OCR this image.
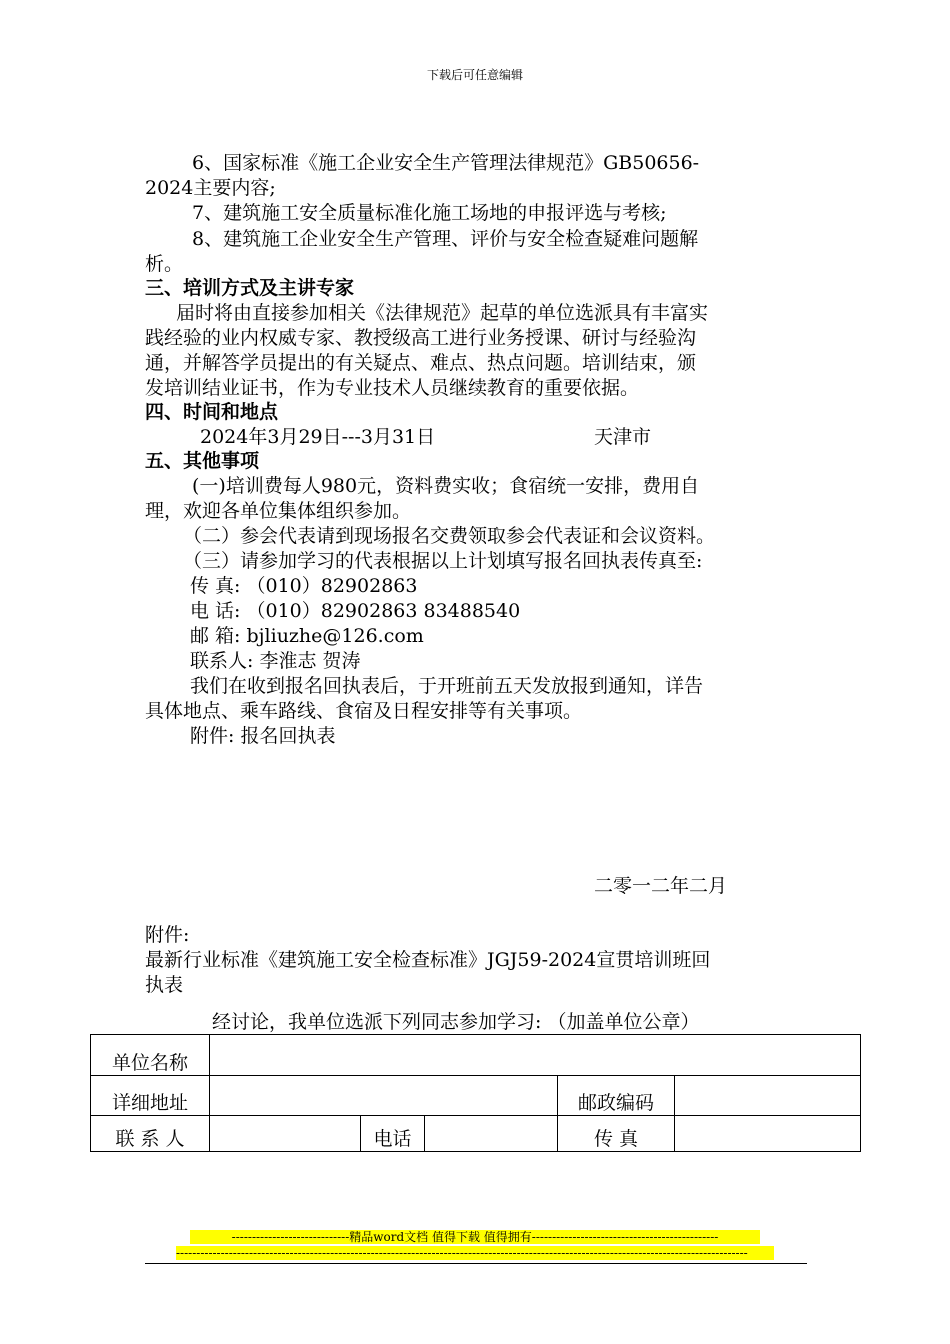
下载后可任意编辑
6、国家标准《施工企业安全生产管理法律规范》GB50656-
2024主要内容;
7、建筑施工安全质量标准化施工场地的申报评选与考核;
8、建筑施工企业安全生产管理、评价与安全检查疑难问题解
析。
三、培训方式及主讲专家
届时将由直接参加相关《法律规范》起草的单位选派具有丰富实
践经验的业内权威专家、教授级高工进行业务授课、研讨与经验沟
通，并解答学员提出的有关疑点、难点、热点问题。培训结束，颁
发培训结业证书，作为专业技术人员继续教育的重要依据。
四、时间和地点
2024年3月29日---3月31日	天津市
五、其他事项
(一)培训费每人980元，资料费实收；食宿统一安排，费用自
理，欢迎各单位集体组织参加。
（二）参会代表请到现场报名交费领取参会代表证和会议资料。
（三）请参加学习的代表根据以上计划填写报名回执表传真至:
传 真: （010）82902863
电 话: （010）82902863 83488540
邮 箱: bjliuzhe@126.com
联系人: 李淮志 贺涛
我们在收到报名回执表后，于开班前五天发放报到通知，详告
具体地点、乘车路线、食宿及日程安排等有关事项。
附件: 报名回执表
二零一二年二月
附件:
最新行业标准《建筑施工安全检查标准》JGJ59-2024宣贯培训班回
执表
经讨论，我单位选派下列同志参加学习: （加盖单位公章）
单位名称					
详细地址				邮政编码	
联 系 人		电话		传 真	
-----------------------------精品word文档 值得下载 值得拥有----------------------------------------------
---------------------------------------------------------------------------------------------------------------------------------------------
